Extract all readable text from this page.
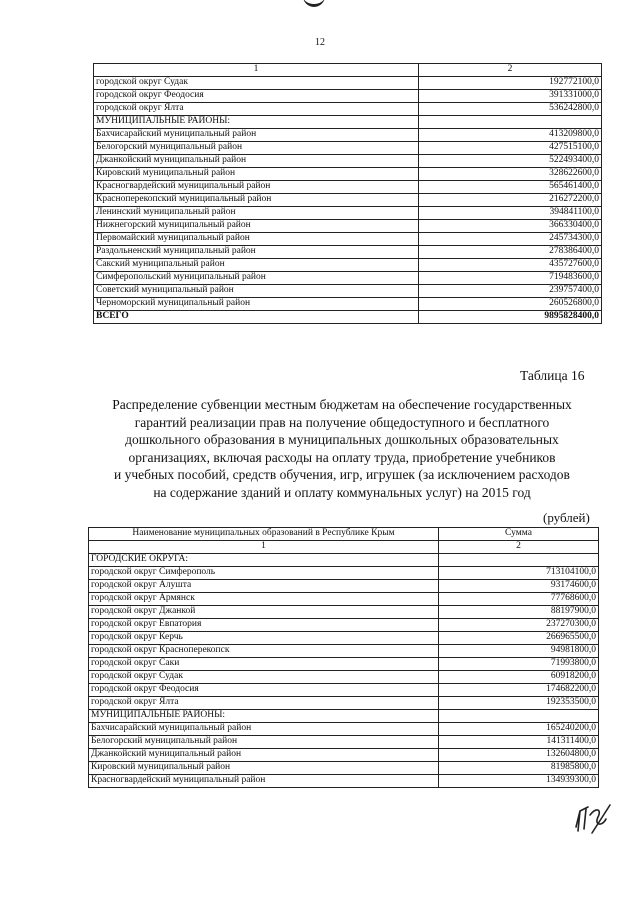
12
1	2
городской округ Судак	192772100,0
городской округ Феодосия	391331000,0
городской округ Ялта	536242800,0
МУНИЦИПАЛЬНЫЕ РАЙОНЫ:	
Бахчисарайский муниципальный район	413209800,0
Белогорский муниципальный район	427515100,0
Джанкойский муниципальный район	522493400,0
Кировский муниципальный район	328622600,0
Красногвардейский муниципальный район	565461400,0
Красноперекопский муниципальный район	216272200,0
Ленинский муниципальный район	394841100,0
Нижнегорский муниципальный район	366330400,0
Первомайский муниципальный район	245734300,0
Раздольненский муниципальный район	278386400,0
Сакский муниципальный район	435727600,0
Симферопольский муниципальный район	719483600,0
Советский муниципальный район	239757400,0
Черноморский муниципальный район	260526800,0
ВСЕГО	9895828400,0
Таблица 16
Распределение субвенции местным бюджетам на обеспечение государственных
гарантий реализации прав на получение общедоступного и бесплатного
дошкольного образования в муниципальных дошкольных образовательных
организациях, включая расходы на оплату труда, приобретение учебников
и учебных пособий, средств обучения, игр, игрушек (за исключением расходов
на содержание зданий и оплату коммунальных услуг) на 2015 год
(рублей)
Наименование муниципальных образований в Республике Крым	Сумма
1	2
ГОРОДСКИЕ ОКРУГА:	
городской округ Симферополь	713104100,0
городской округ Алушта	93174600,0
городской округ Армянск	77768600,0
городской округ Джанкой	88197900,0
городской округ Евпатория	237270300,0
городской округ Керчь	266965500,0
городской округ Красноперекопск	94981800,0
городской округ Саки	71993800,0
городской округ Судак	60918200,0
городской округ Феодосия	174682200,0
городской округ Ялта	192353500,0
МУНИЦИПАЛЬНЫЕ РАЙОНЫ:	
Бахчисарайский муниципальный район	165240200,0
Белогорский муниципальный район	141311400,0
Джанкойский муниципальный район	132604800,0
Кировский муниципальный район	81985800,0
Красногвардейский муниципальный район	134939300,0
